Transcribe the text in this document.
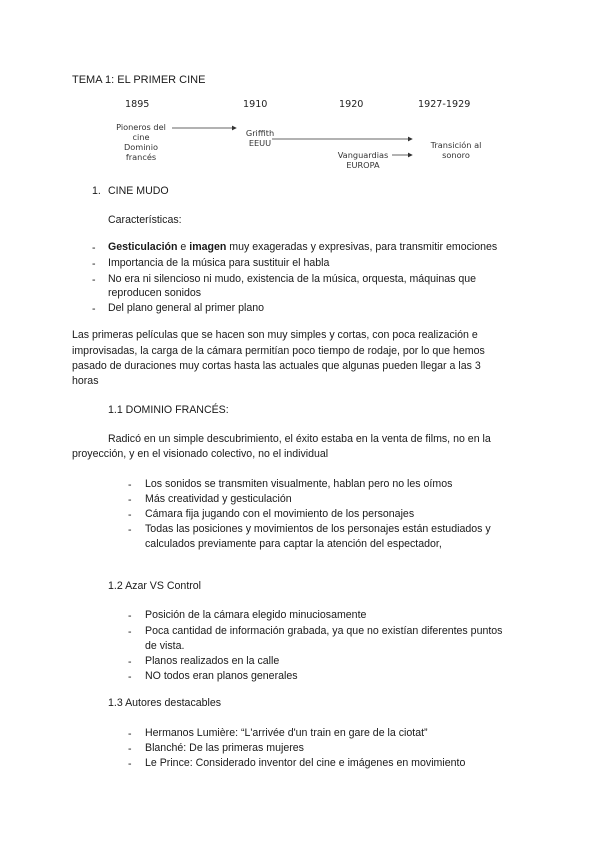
TEMA 1: EL PRIMER CINE
1895	1910	1920	1927-1929
Pioneros del
cine
Dominio
francés
Griffith
EEUU	Transición al
sonoro
Vanguardias
EUROPA
1. CINE MUDO
Características:
- Gesticulación e imagen muy exageradas y expresivas, para transmitir emociones
- Importancia de la música para sustituir el habla
- No era ni silencioso ni mudo, existencia de la música, orquesta, máquinas que
reproducen sonidos
- Del plano general al primer plano
Las primeras películas que se hacen son muy simples y cortas, con poca realización e
improvisadas, la carga de la cámara permitían poco tiempo de rodaje, por lo que hemos
pasado de duraciones muy cortas hasta las actuales que algunas pueden llegar a las 3
horas
1.1 DOMINIO FRANCÉS:
Radicó en un simple descubrimiento, el éxito estaba en la venta de films, no en la
proyección, y en el visionado colectivo, no el individual
- Los sonidos se transmiten visualmente, hablan pero no les oímos
- Más creatividad y gesticulación
- Cámara fija jugando con el movimiento de los personajes
- Todas las posiciones y movimientos de los personajes están estudiados y
calculados previamente para captar la atención del espectador,
1.2 Azar VS Control
- Posición de la cámara elegido minuciosamente
- Poca cantidad de información grabada, ya que no existían diferentes puntos
de vista.
- Planos realizados en la calle
- NO todos eran planos generales
1.3 Autores destacables
- Hermanos Lumière: “L'arrivée d'un train en gare de la ciotat”
- Blanché: De las primeras mujeres
- Le Prince: Considerado inventor del cine e imágenes en movimiento
